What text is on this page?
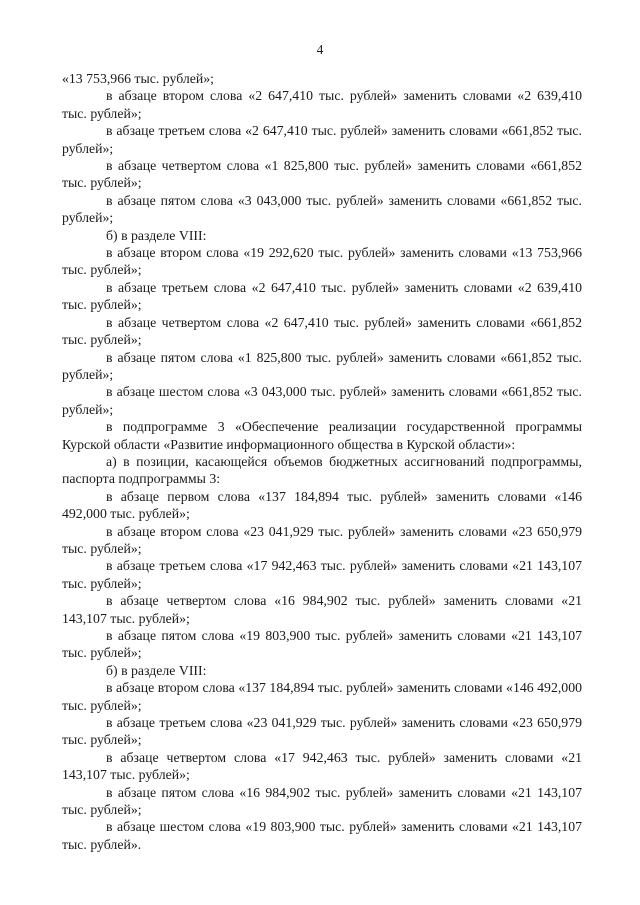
4

«13 753,966 тыс. рублей»;

в абзаце втором слова «2 647,410 тыс. рублей» заменить словами «2 639,410 тыс. рублей»;

в абзаце третьем слова «2 647,410 тыс. рублей» заменить словами «661,852 тыс. рублей»;

в абзаце четвертом слова «1 825,800 тыс. рублей» заменить словами «661,852 тыс. рублей»;

в абзаце пятом слова «3 043,000 тыс. рублей» заменить словами «661,852 тыс. рублей»;

б) в разделе VIII:

в абзаце втором слова «19 292,620 тыс. рублей» заменить словами «13 753,966 тыс. рублей»;

в абзаце третьем слова «2 647,410 тыс. рублей» заменить словами «2 639,410 тыс. рублей»;

в абзаце четвертом слова «2 647,410 тыс. рублей» заменить словами «661,852 тыс. рублей»;

в абзаце пятом слова «1 825,800 тыс. рублей» заменить словами «661,852 тыс. рублей»;

в абзаце шестом слова «3 043,000 тыс. рублей» заменить словами «661,852 тыс. рублей»;

в подпрограмме 3 «Обеспечение реализации государственной программы Курской области «Развитие информационного общества в Курской области»:

а) в позиции, касающейся объемов бюджетных ассигнований подпрограммы, паспорта подпрограммы 3:

в абзаце первом слова «137 184,894 тыс. рублей» заменить словами «146 492,000 тыс. рублей»;

в абзаце втором слова «23 041,929 тыс. рублей» заменить словами «23 650,979 тыс. рублей»;

в абзаце третьем слова «17 942,463 тыс. рублей» заменить словами «21 143,107 тыс. рублей»;

в абзаце четвертом слова «16 984,902 тыс. рублей» заменить словами «21 143,107 тыс. рублей»;

в абзаце пятом слова «19 803,900 тыс. рублей» заменить словами «21 143,107 тыс. рублей»;

б) в разделе VIII:

в абзаце втором слова «137 184,894 тыс. рублей» заменить словами «146 492,000 тыс. рублей»;

в абзаце третьем слова «23 041,929 тыс. рублей» заменить словами «23 650,979 тыс. рублей»;

в абзаце четвертом слова «17 942,463 тыс. рублей» заменить словами «21 143,107 тыс. рублей»;

в абзаце пятом слова «16 984,902 тыс. рублей» заменить словами «21 143,107 тыс. рублей»;

в абзаце шестом слова «19 803,900 тыс. рублей» заменить словами «21 143,107 тыс. рублей».
